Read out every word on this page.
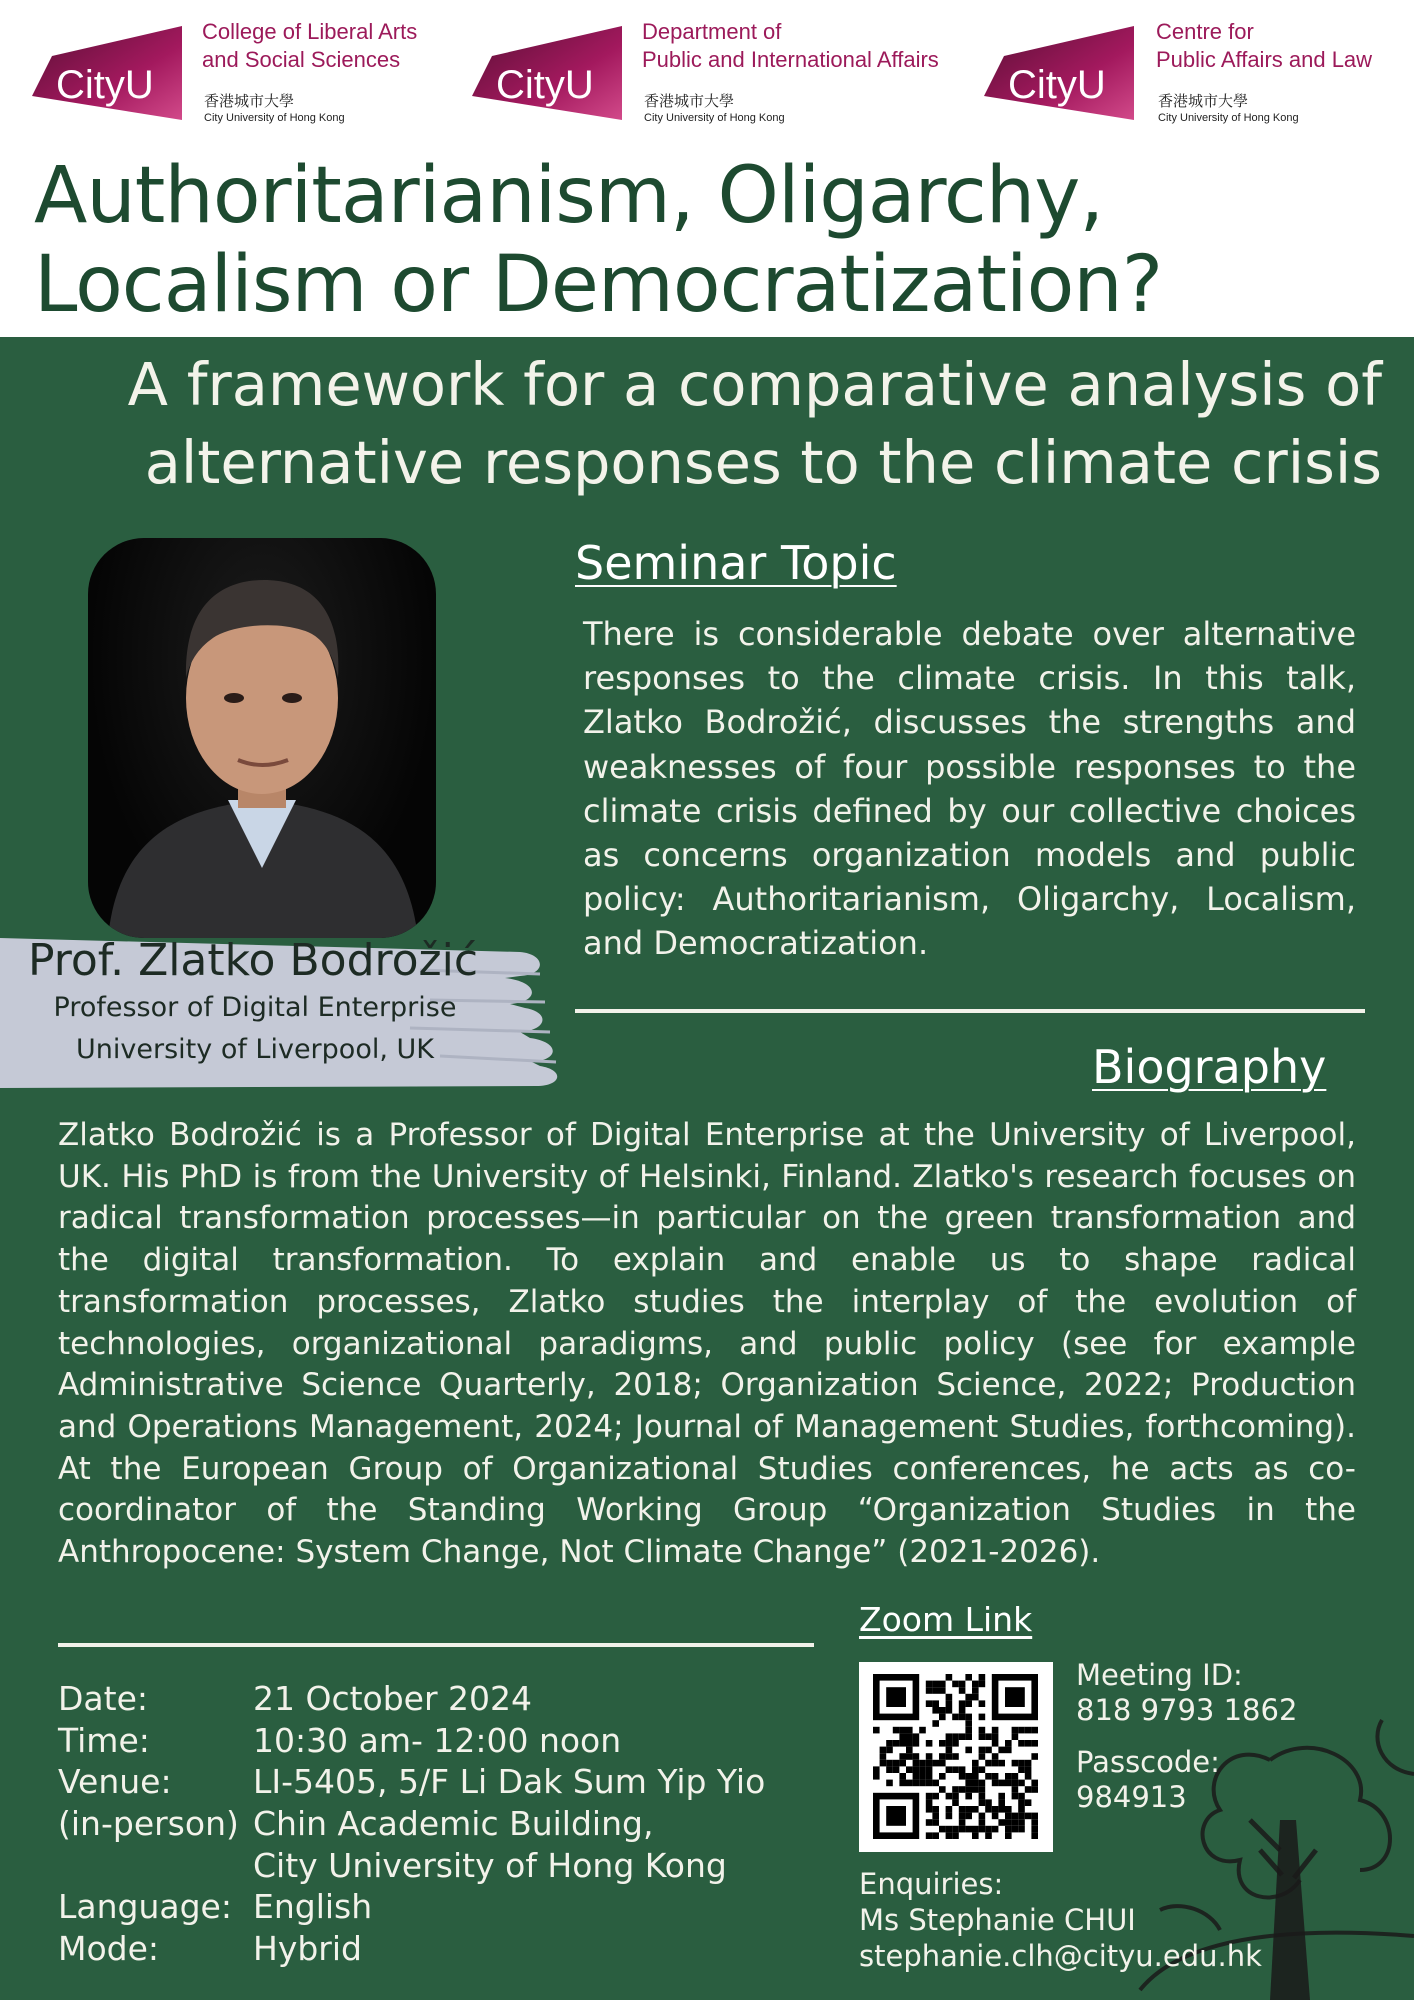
CityU
College of Liberal Arts
and Social Sciences
香港城市大學
City University of Hong Kong
CityU
Department of
Public and International Affairs
香港城市大學
City University of Hong Kong
CityU
Centre for
Public Affairs and Law
香港城市大學
City University of Hong Kong
Authoritarianism, Oligarchy,
Localism or Democratization?
A framework for a comparative analysis of
alternative responses to the climate crisis
Prof. Zlatko Bodrožić
Professor of Digital Enterprise
University of Liverpool, UK
Seminar Topic
There is considerable debate over alternative responses to the climate crisis. In this talk, Zlatko Bodrožić, discusses the strengths and weaknesses of four possible responses to the climate crisis defined by our collective choices as concerns organization models and public policy: Authoritarianism, Oligarchy, Localism, and Democratization.
Biography
Zlatko Bodrožić is a Professor of Digital Enterprise at the University of Liverpool, UK. His PhD is from the University of Helsinki, Finland. Zlatko's research focuses on radical transformation processes—in particular on the green transformation and the digital transformation. To explain and enable us to shape radical transformation processes, Zlatko studies the interplay of the evolution of technologies, organizational paradigms, and public policy (see for example Administrative Science Quarterly, 2018; Organization Science, 2022; Production and Operations Management, 2024; Journal of Management Studies, forthcoming). At the European Group of Organizational Studies conferences, he acts as co-coordinator of the Standing Working Group “Organization Studies in the Anthropocene: System Change, Not Climate Change” (2021-2026).
Date:	21 October 2024
Time:	10:30 am- 12:00 noon
Venue: LI-5405, 5/F Li Dak Sum Yip Yio
(in-person) Chin Academic Building,
City University of Hong Kong
Language: English
Mode:	Hybrid
Zoom Link
Meeting ID:
818 9793 1862
Passcode:
984913
Enquiries:
Ms Stephanie CHUI
stephanie.clh@cityu.edu.hk
